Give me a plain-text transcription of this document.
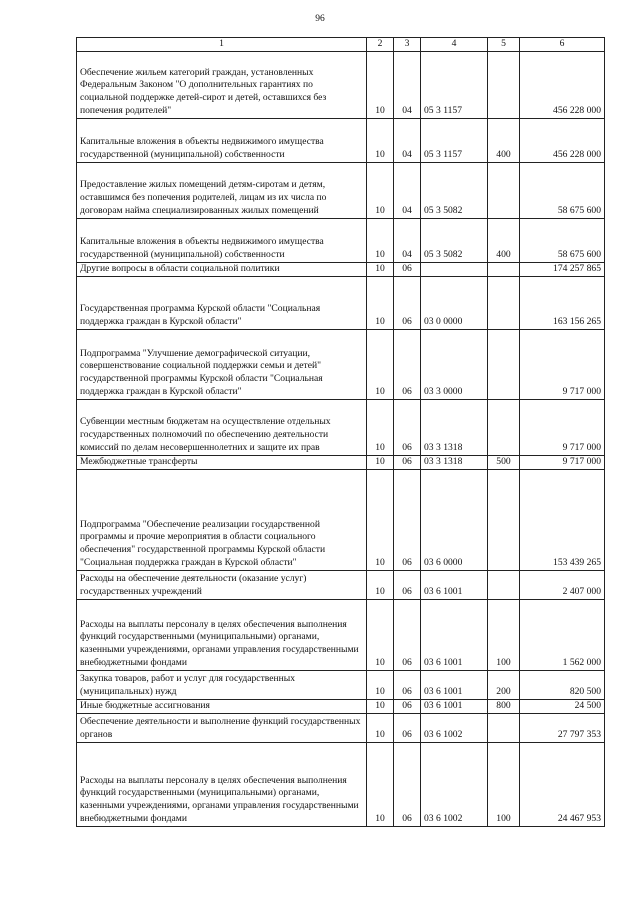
96
1	2	3	4	5	6
Обеспечение жильем категорий граждан, установленных Федеральным Законом "О дополнительных гарантиях по социальной поддержке детей-сирот и детей, оставшихся без попечения родителей"	10	04	05 3 1157		456 228 000
Капитальные вложения в объекты недвижимого имущества государственной (муниципальной) собственности	10	04	05 3 1157	400	456 228 000
Предоставление жилых помещений детям-сиротам и детям, оставшимся без попечения родителей, лицам из их числа по договорам найма специализированных жилых помещений	10	04	05 3 5082		58 675 600
Капитальные вложения в объекты недвижимого имущества государственной (муниципальной) собственности	10	04	05 3 5082	400	58 675 600
Другие вопросы в области социальной политики	10	06			174 257 865
Государственная программа Курской области "Социальная поддержка граждан в Курской области"	10	06	03 0 0000		163 156 265
Подпрограмма "Улучшение демографической ситуации, совершенствование социальной поддержки семьи и детей" государственной программы Курской области "Социальная поддержка граждан в Курской области"	10	06	03 3 0000		9 717 000
Субвенции местным бюджетам на осуществление отдельных государственных полномочий по обеспечению деятельности комиссий по делам несовершеннолетних и защите их прав	10	06	03 3 1318		9 717 000
Межбюджетные трансферты	10	06	03 3 1318	500	9 717 000
Подпрограмма "Обеспечение реализации государственной программы и прочие мероприятия в области социального обеспечения" государственной программы Курской области "Социальная поддержка граждан в Курской области"	10	06	03 6 0000		153 439 265
Расходы на обеспечение деятельности (оказание услуг) государственных учреждений	10	06	03 6 1001		2 407 000
Расходы на выплаты персоналу в целях обеспечения выполнения функций государственными (муниципальными) органами, казенными учреждениями, органами управления государственными внебюджетными фондами	10	06	03 6 1001	100	1 562 000
Закупка товаров, работ и услуг для государственных (муниципальных) нужд	10	06	03 6 1001	200	820 500
Иные бюджетные ассигнования	10	06	03 6 1001	800	24 500
Обеспечение деятельности и выполнение функций государственных органов	10	06	03 6 1002		27 797 353
Расходы на выплаты персоналу в целях обеспечения выполнения функций государственными (муниципальными) органами, казенными учреждениями, органами управления государственными внебюджетными фондами	10	06	03 6 1002	100	24 467 953
